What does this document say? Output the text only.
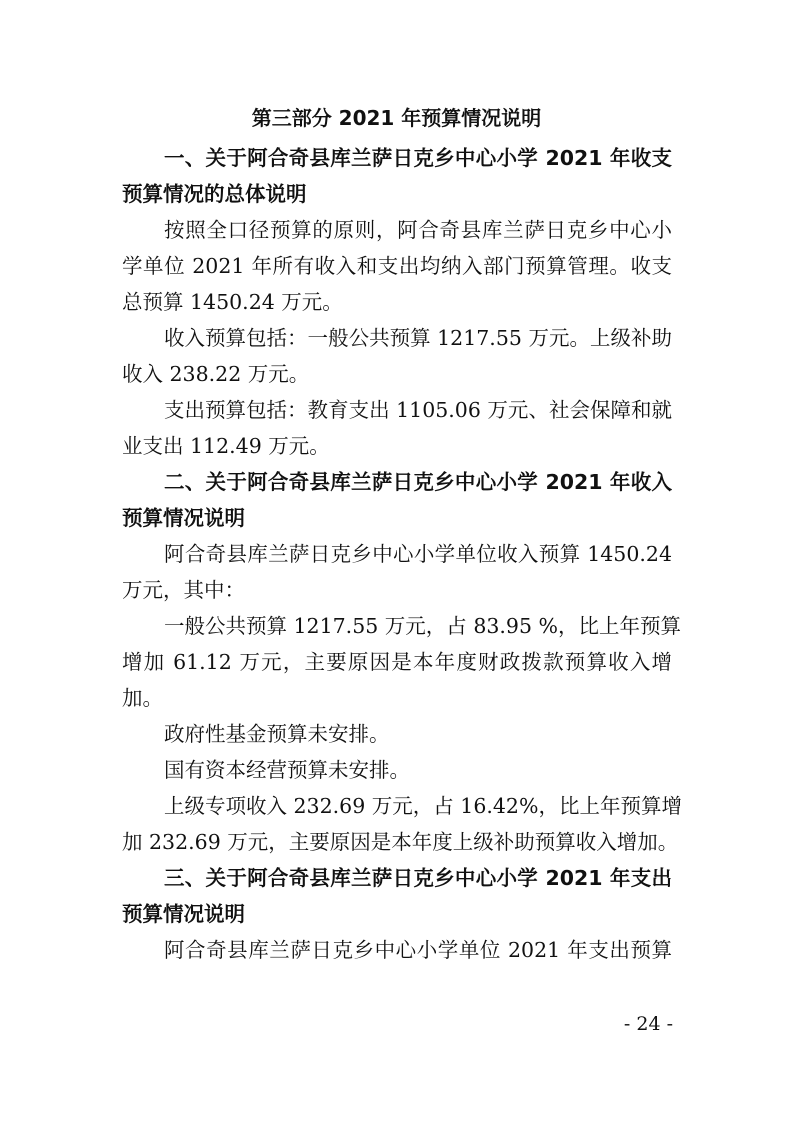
第三部分 2021 年预算情况说明
一、关于阿合奇县库兰萨日克乡中心小学 2021 年收支
预算情况的总体说明
按照全口径预算的原则，阿合奇县库兰萨日克乡中心小
学单位 2021 年所有收入和支出均纳入部门预算管理。收支
总预算 1450.24 万元。
收入预算包括：一般公共预算 1217.55 万元。上级补助
收入 238.22 万元。
支出预算包括：教育支出 1105.06 万元、社会保障和就
业支出 112.49 万元。
二、关于阿合奇县库兰萨日克乡中心小学 2021 年收入
预算情况说明
阿合奇县库兰萨日克乡中心小学单位收入预算 1450.24
万元，其中：
一般公共预算 1217.55 万元，占 83.95 %，比上年预算
增加 61.12 万元，主要原因是本年度财政拨款预算收入增
加。
政府性基金预算未安排。
国有资本经营预算未安排。
上级专项收入 232.69 万元，占 16.42%，比上年预算增
加 232.69 万元，主要原因是本年度上级补助预算收入增加。
三、关于阿合奇县库兰萨日克乡中心小学 2021 年支出
预算情况说明
阿合奇县库兰萨日克乡中心小学单位 2021 年支出预算
- 24 -
